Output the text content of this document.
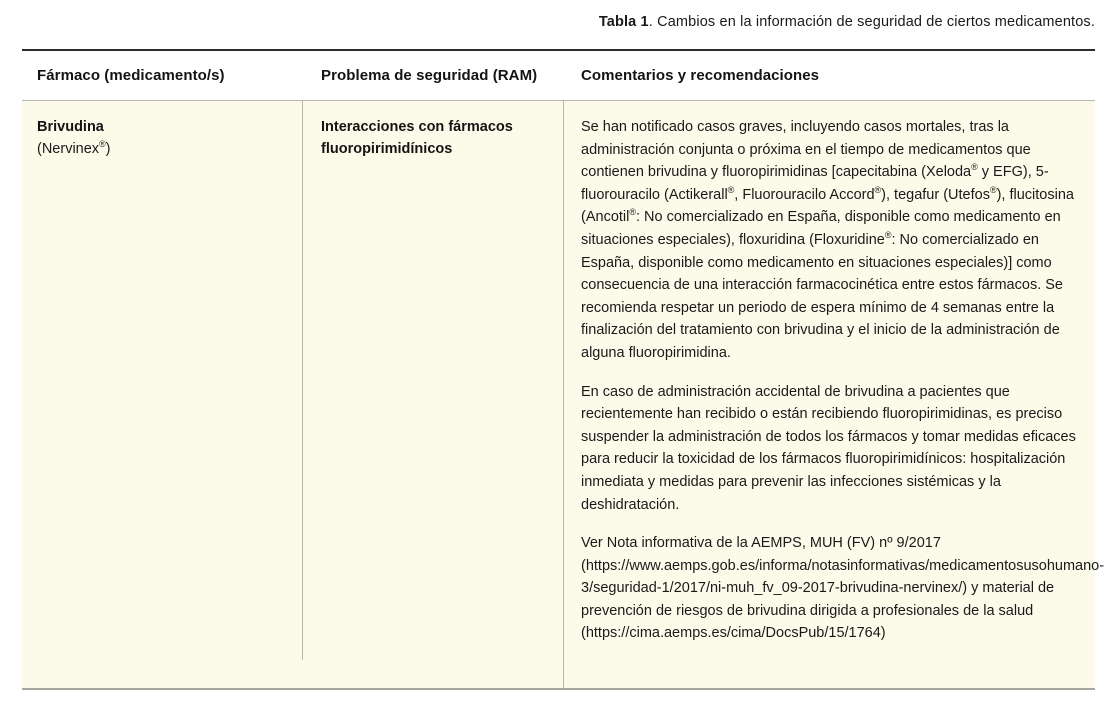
Tabla 1. Cambios en la información de seguridad de ciertos medicamentos.
Fármaco (medicamento/s)	Problema de seguridad (RAM)	Comentarios y recomendaciones
Brivudina
(Nervinex®)
Interacciones con fármacos fluoropirimidínicos

Se han notificado casos graves, incluyendo casos mortales, tras la administración conjunta o próxima en el tiempo de medicamentos que contienen brivudina y fluoropirimidinas [capecitabina (Xeloda® y EFG), 5-fluorouracilo (Actikerall®, Fluorouracilo Accord®), tegafur (Utefos®), flucitosina (Ancotil®: No comercializado en España, disponible como medicamento en situaciones especiales), floxuridina (Floxuridine®: No comercializado en España, disponible como medicamento en situaciones especiales)] como consecuencia de una interacción farmacocinética entre estos fármacos. Se recomienda respetar un periodo de espera mínimo de 4 semanas entre la finalización del tratamiento con brivudina y el inicio de la administración de alguna fluoropirimidina.

En caso de administración accidental de brivudina a pacientes que recientemente han recibido o están recibiendo fluoropirimidinas, es preciso suspender la administración de todos los fármacos y tomar medidas eficaces para reducir la toxicidad de los fármacos fluoropirimidínicos: hospitalización inmediata y medidas para prevenir las infecciones sistémicas y la deshidratación.

Ver Nota informativa de la AEMPS, MUH (FV) nº 9/2017 (https://www.aemps.gob.es/informa/notasinformativas/medicamentosusohumano-3/seguridad-1/2017/ni-muh_fv_09-2017-brivudina-nervinex/) y material de prevención de riesgos de brivudina dirigida a profesionales de la salud (https://cima.aemps.es/cima/DocsPub/15/1764)
